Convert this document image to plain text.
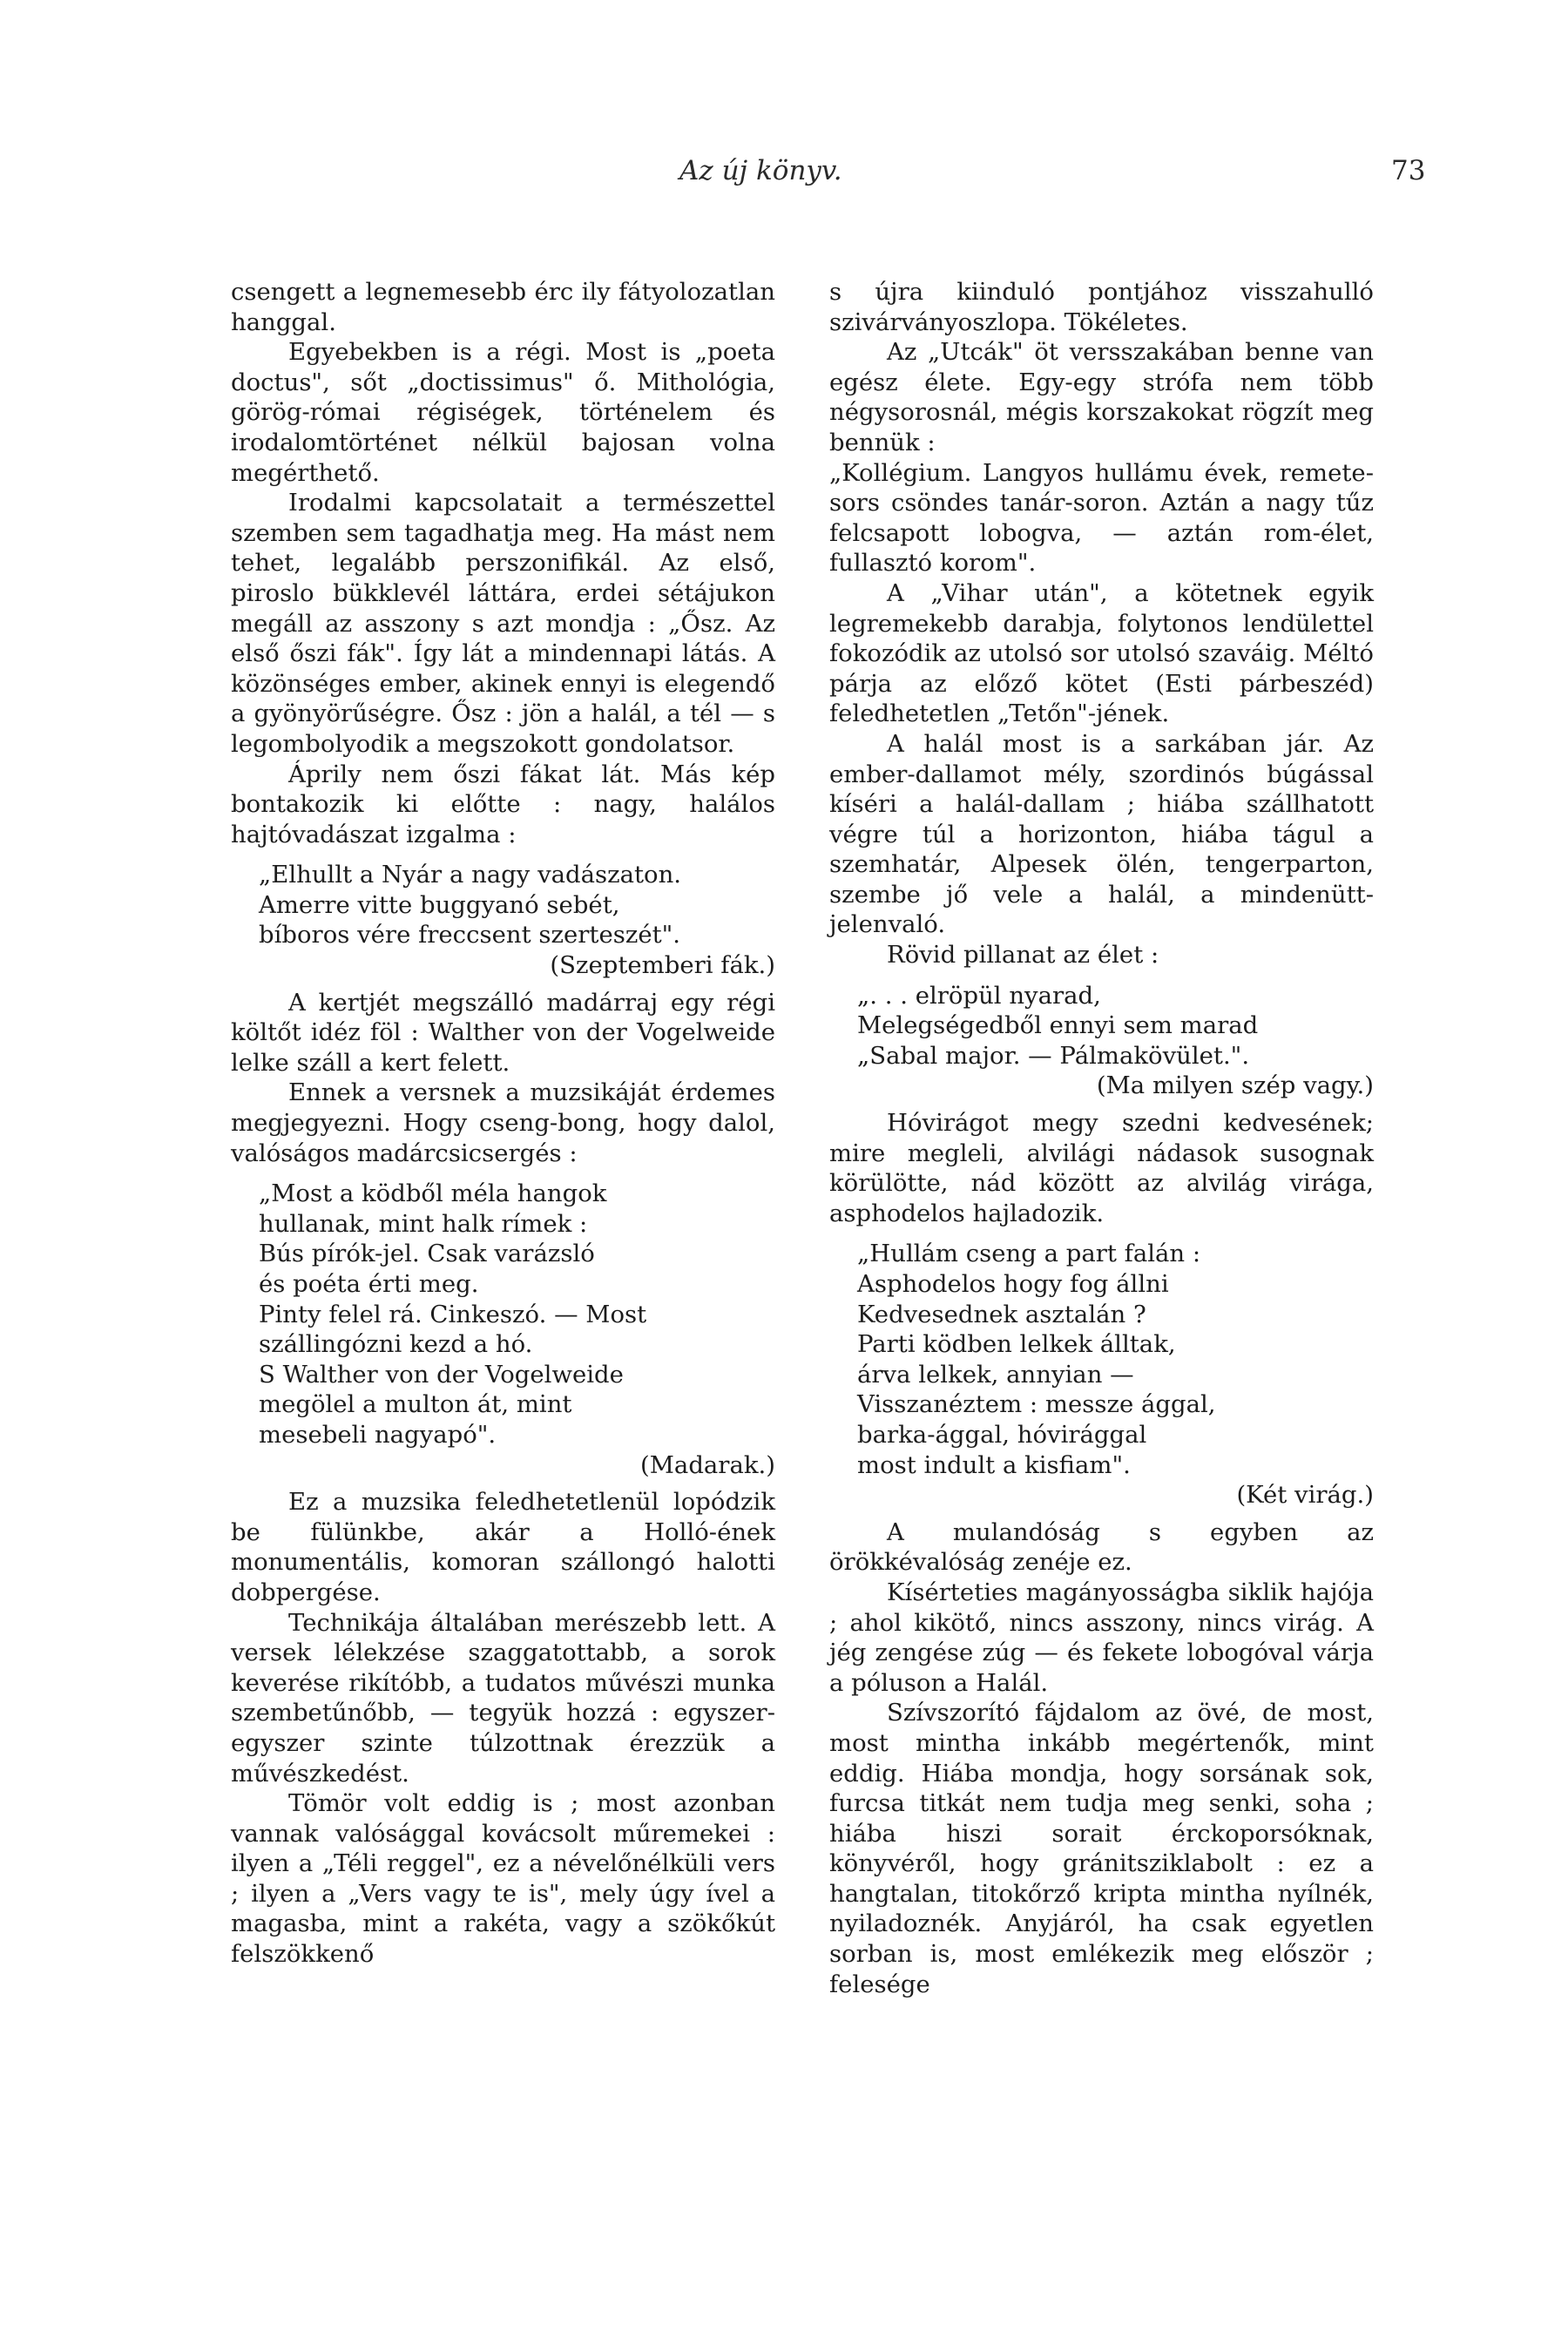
Az új könyv.	73

csengett a legnemesebb érc ily fátyolozatlan hanggal.

Egyebekben is a régi. Most is „poeta doctus", sőt „doctissimus" ő. Mithológia, görög-római régiségek, történelem és irodalomtörténet nélkül bajosan volna megérthető.

Irodalmi kapcsolatait a természettel szemben sem tagadhatja meg. Ha mást nem tehet, legalább perszonifikál. Az első, piroslo bükklevél láttára, erdei sétájukon megáll az asszony s azt mondja : „Ősz. Az első őszi fák". Így lát a mindennapi látás. A közönséges ember, akinek ennyi is elegendő a gyönyörűségre. Ősz : jön a halál, a tél — s legombolyodik a megszokott gondolatsor.

Áprily nem őszi fákat lát. Más kép bontakozik ki előtte : nagy, halálos hajtóvadászat izgalma :

„Elhullt a Nyár a nagy vadászaton.
Amerre vitte buggyanó sebét,
bíboros vére freccsent szerteszét".

(Szeptemberi fák.)

A kertjét megszálló madárraj egy régi költőt idéz föl : Walther von der Vogelweide lelke száll a kert felett.

Ennek a versnek a muzsikáját érdemes megjegyezni. Hogy cseng-bong, hogy dalol, valóságos madárcsicsergés :

„Most a ködből méla hangok
hullanak, mint halk rímek :
Bús pírók-jel. Csak varázsló
és poéta érti meg.
Pinty felel rá. Cinkeszó. — Most
szállingózni kezd a hó.
S Walther von der Vogelweide
megölel a multon át, mint
mesebeli nagyapó".

(Madarak.)

Ez a muzsika feledhetetlenül lopódzik be fülünkbe, akár a Holló-ének monumentális, komoran szállongó halotti dobpergése.

Technikája általában merészebb lett. A versek lélekzése szaggatottabb, a sorok keverése rikítóbb, a tudatos művészi munka szembetűnőbb, — tegyük hozzá : egyszer-egyszer szinte túlzottnak érezzük a művészkedést.

Tömör volt eddig is ; most azonban vannak valósággal kovácsolt műremekei : ilyen a „Téli reggel", ez a névelőnélküli vers ; ilyen a „Vers vagy te is", mely úgy ível a magasba, mint a rakéta, vagy a szökőkút felszökkenő

s újra kiinduló pontjához visszahulló szivárványoszlopa. Tökéletes.

Az „Utcák" öt versszakában benne van egész élete. Egy-egy strófa nem több négysorosnál, mégis korszakokat rögzít meg bennük :

„Kollégium. Langyos hullámu évek, remete-sors csöndes tanár-soron. Aztán a nagy tűz felcsapott lobogva, — aztán rom-élet, fullasztó korom".

A „Vihar után", a kötetnek egyik legremekebb darabja, folytonos lendülettel fokozódik az utolsó sor utolsó szaváig. Méltó párja az előző kötet (Esti párbeszéd) feledhetetlen „Tetőn"-jének.

A halál most is a sarkában jár. Az ember-dallamot mély, szordinós búgással kíséri a halál-dallam ; hiába szállhatott végre túl a horizonton, hiába tágul a szemhatár, Alpesek ölén, tengerparton, szembe jő vele a halál, a mindenütt-jelenvaló.

Rövid pillanat az élet :

„. . . elröpül nyarad,
Melegségedből ennyi sem marad
„Sabal major. — Pálmakövület.".

(Ma milyen szép vagy.)

Hóvirágot megy szedni kedvesének; mire megleli, alvilági nádasok susognak körülötte, nád között az alvilág virága, asphodelos hajladozik.

„Hullám cseng a part falán :
Asphodelos hogy fog állni
Kedvesednek asztalán ?
Parti ködben lelkek álltak,
árva lelkek, annyian —
Visszanéztem : messze ággal,
barka-ággal, hóvirággal
most indult a kisfiam".

(Két virág.)

A mulandóság s egyben az örökkévalóság zenéje ez.

Kísérteties magányosságba siklik hajója ; ahol kikötő, nincs asszony, nincs virág. A jég zengése zúg — és fekete lobogóval várja a póluson a Halál.

Szívszorító fájdalom az övé, de most, most mintha inkább megértenők, mint eddig. Hiába mondja, hogy sorsának sok, furcsa titkát nem tudja meg senki, soha ; hiába hiszi sorait érckoporsóknak, könyvéről, hogy gránitsziklabolt : ez a hangtalan, titokőrző kripta mintha nyílnék, nyiladoznék. Anyjáról, ha csak egyetlen sorban is, most emlékezik meg először ; felesége
